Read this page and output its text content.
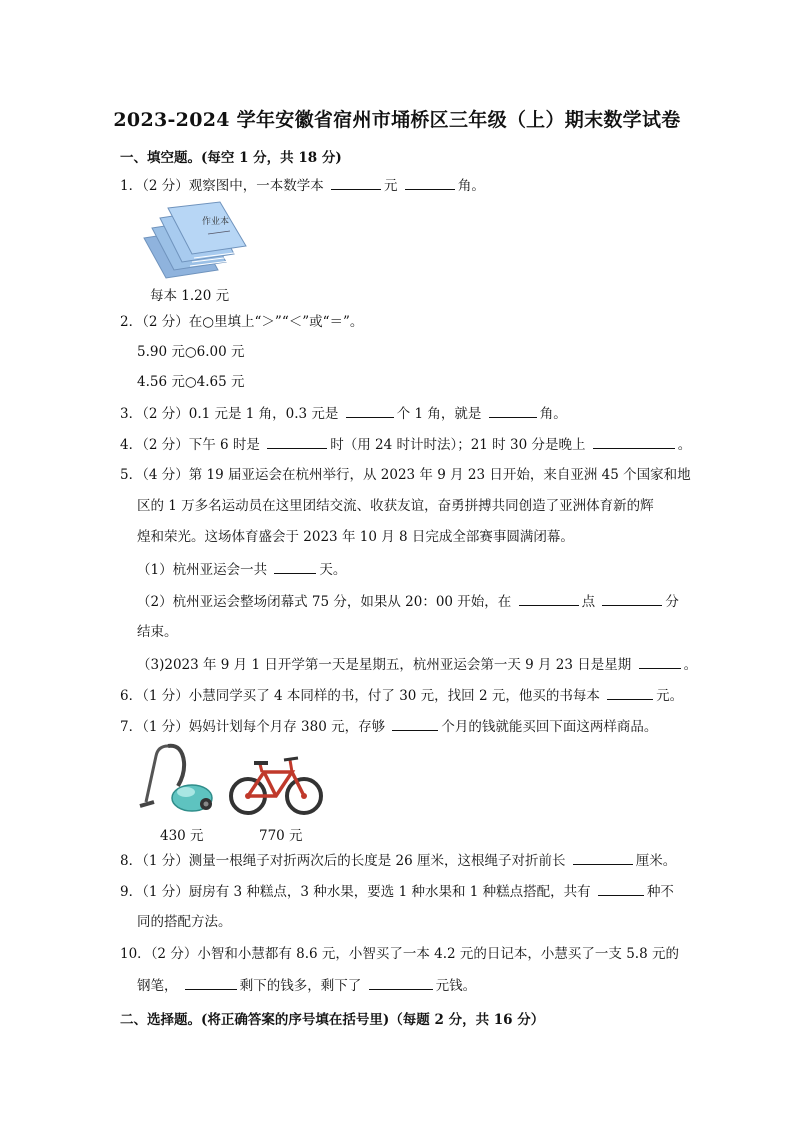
2023-2024 学年安徽省宿州市埇桥区三年级（上）期末数学试卷
一、填空题。(每空 1 分，共 18 分)
1．（2 分）观察图中，一本数学本	元	角。
作业本
每本 1.20 元
2．（2 分）在○里填上“＞”“＜”或“＝”。
5.90 元○6.00 元
4.56 元○4.65 元
3．（2 分）0.1 元是 1 角，0.3 元是	个 1 角，就是	角。
4．（2 分）下午 6 时是	时（用 24 时计时法）；21 时 30 分是晚上	。
5．（4 分）第 19 届亚运会在杭州举行，从 2023 年 9 月 23 日开始，来自亚洲 45 个国家和地
区的 1 万多名运动员在这里团结交流、收获友谊，奋勇拼搏共同创造了亚洲体育新的辉
煌和荣光。这场体育盛会于 2023 年 10 月 8 日完成全部赛事圆满闭幕。
（1）杭州亚运会一共	天。
（2）杭州亚运会整场闭幕式 75 分，如果从 20：00 开始，在	点	分
结束。
（3)2023 年 9 月 1 日开学第一天是星期五，杭州亚运会第一天 9 月 23 日是星期	。
6．（1 分）小慧同学买了 4 本同样的书，付了 30 元，找回 2 元，他买的书每本	元。
7．（1 分）妈妈计划每个月存 380 元，存够	个月的钱就能买回下面这两样商品。
430 元	770 元
8．（1 分）测量一根绳子对折两次后的长度是 26 厘米，这根绳子对折前长	厘米。
9．（1 分）厨房有 3 种糕点，3 种水果，要选 1 种水果和 1 种糕点搭配，共有	种不
同的搭配方法。
10．（2 分）小智和小慧都有 8.6 元，小智买了一本 4.2 元的日记本，小慧买了一支 5.8 元的
钢笔，	剩下的钱多，剩下了	元钱。
二、选择题。(将正确答案的序号填在括号里)（每题 2 分，共 16 分）
